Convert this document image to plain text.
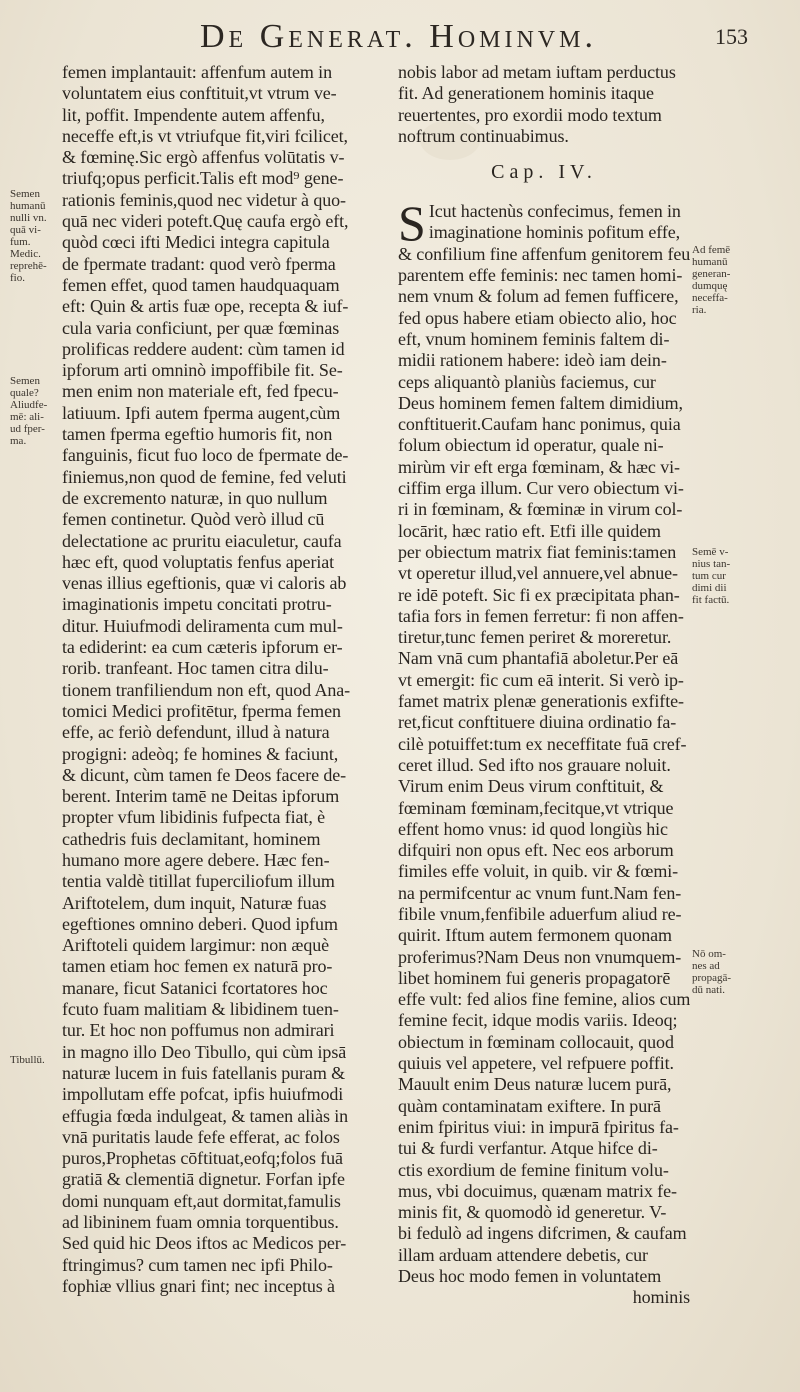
De Generat. Hominvm.	153
femen implantauit: affenfum autem in
voluntatem eius conftituit,vt vtrum ve-
lit, poffit. Impendente autem affenfu,
neceffe eft,is vt vtriufque fit,viri fcilicet,
& fœminę.Sic ergò affenfus volūtatis v-
triufq;opus perficit.Talis eft mod⁹ gene-
rationis feminis,quod nec videtur à quo-
quā nec videri poteft.Quę caufa ergò eft,
quòd cœci ifti Medici integra capitula
de fpermate tradant: quod verò fperma
femen effet, quod tamen haudquaquam
eft: Quin & artis fuæ ope, recepta & iuf-
cula varia conficiunt, per quæ fœminas
prolificas reddere audent: cùm tamen id
ipforum arti omninò impoffibile fit. Se-
men enim non materiale eft, fed fpecu-
latiuum. Ipfi autem fperma augent,cùm
tamen fperma egeftio humoris fit, non
fanguinis, ficut fuo loco de fpermate de-
finiemus,non quod de femine, fed veluti
de excremento naturæ, in quo nullum
femen continetur. Quòd verò illud cū
delectatione ac pruritu eiaculetur, caufa
hæc eft, quod voluptatis fenfus aperiat
venas illius egeftionis, quæ vi caloris ab
imaginationis impetu concitati protru-
ditur. Huiufmodi deliramenta cum mul-
ta ediderint: ea cum cæteris ipforum er-
rorib. tranfeant. Hoc tamen citra dilu-
tionem tranfiliendum non eft, quod Ana-
tomici Medici profitētur, fperma femen
effe, ac feriò defendunt, illud à natura
progigni: adeòq; fe homines & faciunt,
& dicunt, cùm tamen fe Deos facere de-
berent. Interim tamē ne Deitas ipforum
propter vfum libidinis fufpecta fiat, è
cathedris fuis declamitant, hominem
humano more agere debere. Hæc fen-
tentia valdè titillat fuperciliofum illum
Ariftotelem, dum inquit, Naturæ fuas
egeftiones omnino deberi. Quod ipfum
Ariftoteli quidem largimur: non æquè
tamen etiam hoc femen ex naturā pro-
manare, ficut Satanici fcortatores hoc
fcuto fuam malitiam & libidinem tuen-
tur. Et hoc non poffumus non admirari
in magno illo Deo Tibullo, qui cùm ipsā
naturæ lucem in fuis fatellanis puram &
impollutam effe pofcat, ipfis huiufmodi
effugia fœda indulgeat, & tamen aliàs in
vnā puritatis laude fefe efferat, ac folos
puros,Prophetas cōftituat,eofq;folos fuā
gratiā & clementiā dignetur. Forfan ipfe
domi nunquam eft,aut dormitat,famulis
ad libininem fuam omnia torquentibus.
Sed quid hic Deos iftos ac Medicos per-
ftringimus? cum tamen nec ipfi Philo-
fophiæ vllius gnari fint; nec inceptus à
nobis labor ad metam iuftam perductus
fit. Ad generationem hominis itaque
reuertentes, pro exordii modo textum
noftrum continuabimus.
Cap. IV.
S Icut hactenùs confecimus, femen in
imaginatione hominis pofitum effe,
& confilium fine affenfum genitorem feu
parentem effe feminis: nec tamen homi-
nem vnum & folum ad femen fufficere,
fed opus habere etiam obiecto alio, hoc
eft, vnum hominem feminis faltem di-
midii rationem habere: ideò iam dein-
ceps aliquantò planiùs faciemus, cur
Deus hominem femen faltem dimidium,
conftituerit.Caufam hanc ponimus, quia
folum obiectum id operatur, quale ni-
mirùm vir eft erga fœminam, & hæc vi-
ciffim erga illum. Cur vero obiectum vi-
ri in fœminam, & fœminæ in virum col-
locārit, hæc ratio eft. Etfi ille quidem
per obiectum matrix fiat feminis:tamen
vt operetur illud,vel annuere,vel abnue-
re idē poteft. Sic fi ex præcipitata phan-
tafia fors in femen ferretur: fi non affen-
tiretur,tunc femen periret & moreretur.
Nam vnā cum phantafiā aboletur.Per eā
vt emergit: fic cum eā interit. Si verò ip-
famet matrix plenæ generationis exfifte-
ret,ficut conftituere diuina ordinatio fa-
cilè potuiffet:tum ex neceffitate fuā cref-
ceret illud. Sed ifto nos grauare noluit.
Virum enim Deus virum conftituit, &
fœminam fœminam,fecitque,vt vtrique
effent homo vnus: id quod longiùs hic
difquiri non opus eft. Nec eos arborum
fimiles effe voluit, in quib. vir & fœmi-
na permifcentur ac vnum funt.Nam fen-
fibile vnum,fenfibile aduerfum aliud re-
quirit. Iftum autem fermonem quonam
proferimus?Nam Deus non vnumquem-
libet hominem fui generis propagatorē
effe vult: fed alios fine femine, alios cum
femine fecit, idque modis variis. Ideoq;
obiectum in fœminam collocauit, quod
quiuis vel appetere, vel refpuere poffit.
Mauult enim Deus naturæ lucem purā,
quàm contaminatam exiftere. In purā
enim fpiritus viui: in impurā fpiritus fa-
tui & furdi verfantur. Atque hifce di-
ctis exordium de femine finitum volu-
mus, vbi docuimus, quænam matrix fe-
minis fit, & quomodò id generetur. V-
bi fedulò ad ingens difcrimen, & caufam
illam arduam attendere debetis, cur
Deus hoc modo femen in voluntatem
hominis
Semen
humanū
nulli vn.
quā vi-
fum.
Medic.
reprehē-
fio.
Semen
quale?
Aliudfe-
mē: ali-
ud fper-
ma.
Tibullū.
Ad femē
humanū
generan-
dumquę
neceffa-
ria.
Semē v-
nius tan-
tum cur
dimi dii
fit factū.
Nō om-
nes ad
propagā-
dū nati.
